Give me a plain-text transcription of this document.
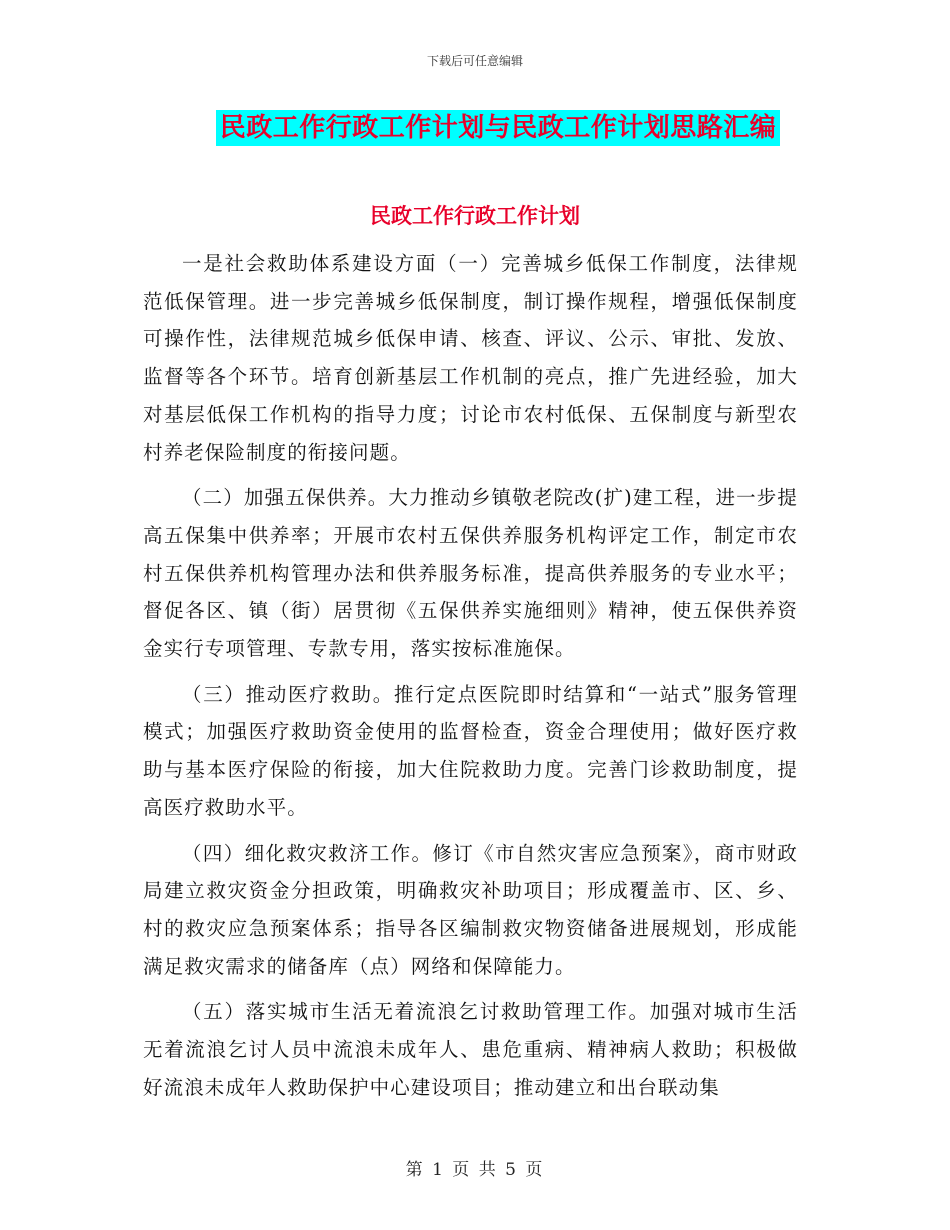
下载后可任意编辑
民政工作行政工作计划与民政工作计划思路汇编
民政工作行政工作计划

一是社会救助体系建设方面（一）完善城乡低保工作制度，法律规范低保管理。进一步完善城乡低保制度，制订操作规程，增强低保制度可操作性，法律规范城乡低保申请、核查、评议、公示、审批、发放、监督等各个环节。培育创新基层工作机制的亮点，推广先进经验，加大对基层低保工作机构的指导力度；讨论市农村低保、五保制度与新型农村养老保险制度的衔接问题。

（二）加强五保供养。大力推动乡镇敬老院改(扩)建工程，进一步提高五保集中供养率；开展市农村五保供养服务机构评定工作，制定市农村五保供养机构管理办法和供养服务标准，提高供养服务的专业水平；督促各区、镇（街）居贯彻《五保供养实施细则》精神，使五保供养资金实行专项管理、专款专用，落实按标准施保。

（三）推动医疗救助。推行定点医院即时结算和“一站式”服务管理模式；加强医疗救助资金使用的监督检查，资金合理使用；做好医疗救助与基本医疗保险的衔接，加大住院救助力度。完善门诊救助制度，提高医疗救助水平。

（四）细化救灾救济工作。修订《市自然灾害应急预案》，商市财政局建立救灾资金分担政策，明确救灾补助项目；形成覆盖市、区、乡、村的救灾应急预案体系；指导各区编制救灾物资储备进展规划，形成能满足救灾需求的储备库（点）网络和保障能力。

（五）落实城市生活无着流浪乞讨救助管理工作。加强对城市生活无着流浪乞讨人员中流浪未成年人、患危重病、精神病人救助；积极做好流浪未成年人救助保护中心建设项目；推动建立和出台联动集

第 1 页 共 5 页
